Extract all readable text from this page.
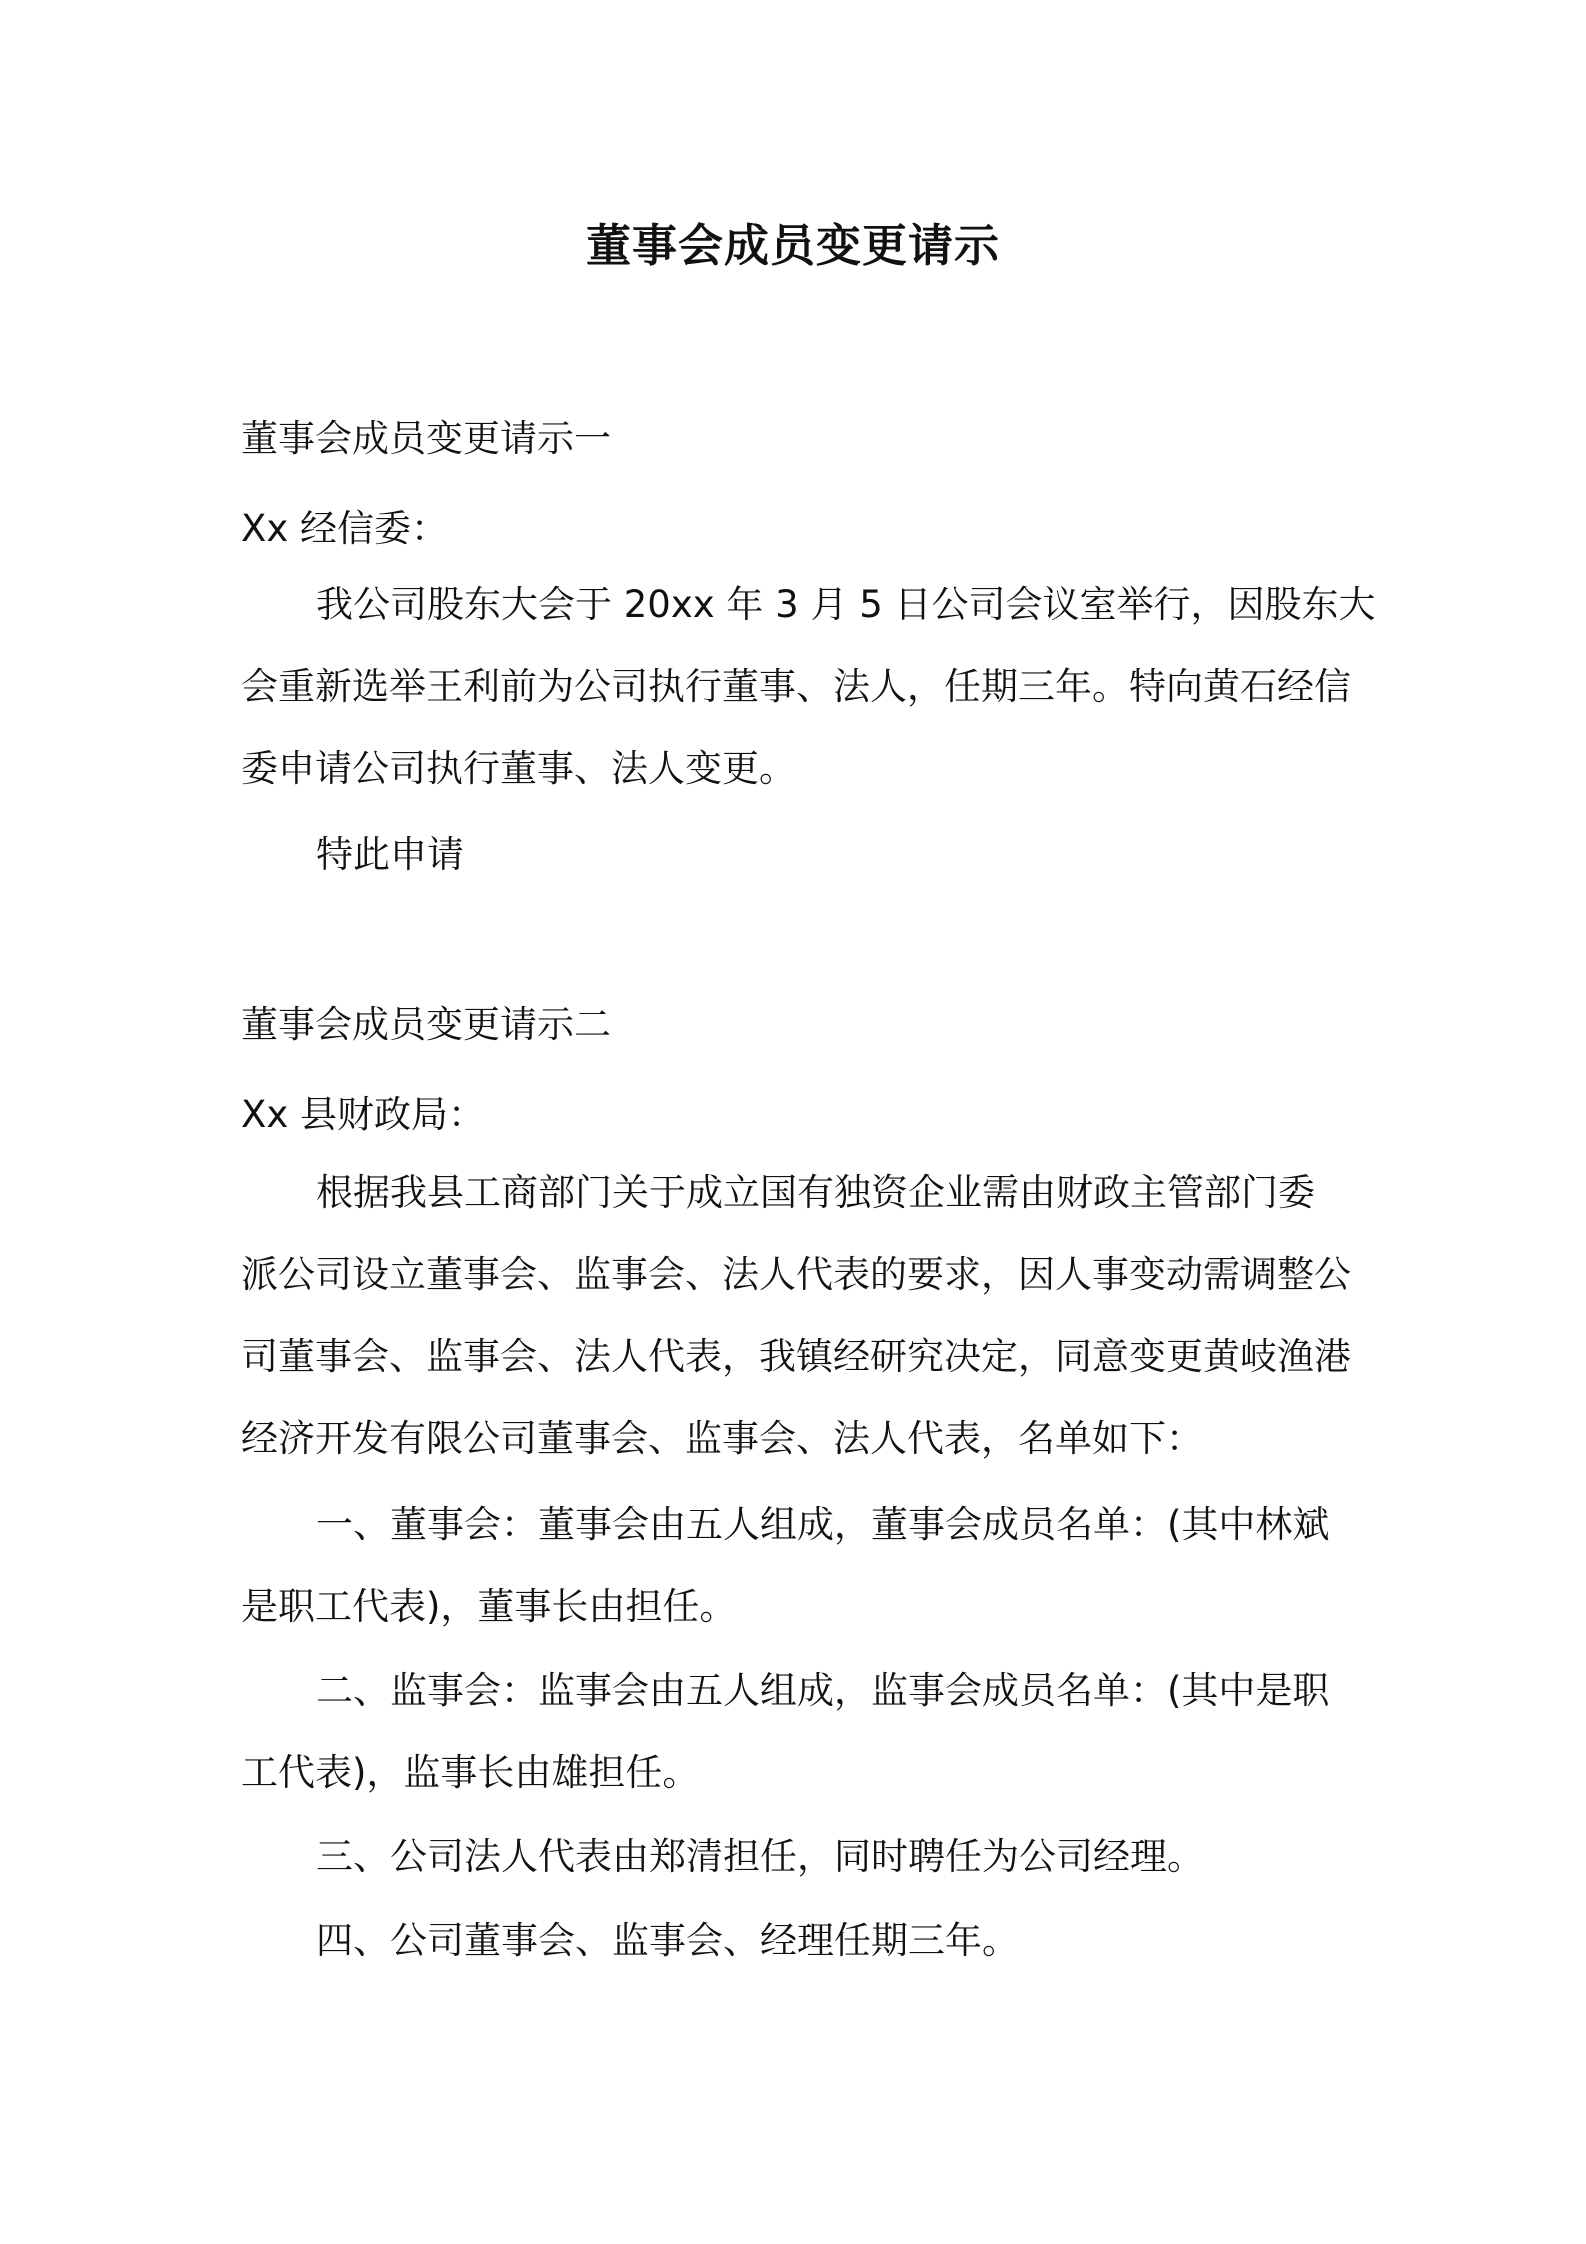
董事会成员变更请示
董事会成员变更请示一
Xx 经信委：
我公司股东大会于 20xx 年 3 月 5 日公司会议室举行，因股东大
会重新选举王利前为公司执行董事、法人，任期三年。特向黄石经信
委申请公司执行董事、法人变更。
特此申请
董事会成员变更请示二
Xx 县财政局：
根据我县工商部门关于成立国有独资企业需由财政主管部门委
派公司设立董事会、监事会、法人代表的要求，因人事变动需调整公
司董事会、监事会、法人代表，我镇经研究决定，同意变更黄岐渔港
经济开发有限公司董事会、监事会、法人代表，名单如下：
一、董事会：董事会由五人组成，董事会成员名单：(其中林斌
是职工代表)，董事长由担任。
二、监事会：监事会由五人组成，监事会成员名单：(其中是职
工代表)，监事长由雄担任。
三、公司法人代表由郑清担任，同时聘任为公司经理。
四、公司董事会、监事会、经理任期三年。
